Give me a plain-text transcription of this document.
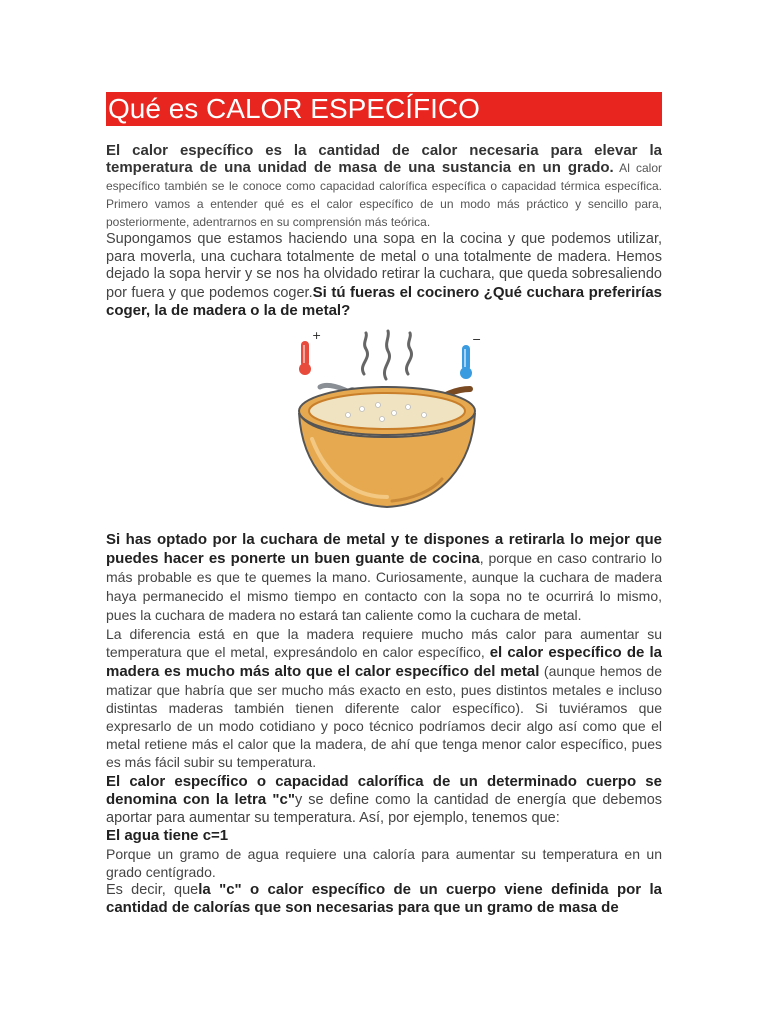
Qué es CALOR ESPECÍFICO

El calor específico es la cantidad de calor necesaria para elevar la temperatura de una unidad de masa de una sustancia en un grado. Al calor específico también se le conoce como capacidad calorífica específica o capacidad térmica específica. Primero vamos a entender qué es el calor específico de un modo más práctico y sencillo para, posteriormente, adentrarnos en su comprensión más teórica.

Supongamos que estamos haciendo una sopa en la cocina y que podemos utilizar, para moverla, una cuchara totalmente de metal o una totalmente de madera. Hemos dejado la sopa hervir y se nos ha olvidado retirar la cuchara, que queda sobresaliendo por fuera y que podemos coger.Si tú fueras el cocinero ¿Qué cuchara preferirías coger, la de madera o la de metal?

+	−

Si has optado por la cuchara de metal y te dispones a retirarla lo mejor que puedes hacer es ponerte un buen guante de cocina, porque en caso contrario lo más probable es que te quemes la mano. Curiosamente, aunque la cuchara de madera haya permanecido el mismo tiempo en contacto con la sopa no te ocurrirá lo mismo, pues la cuchara de madera no estará tan caliente como la cuchara de metal.

La diferencia está en que la madera requiere mucho más calor para aumentar su temperatura que el metal, expresándolo en calor específico, el calor específico de la madera es mucho más alto que el calor específico del metal (aunque hemos de matizar que habría que ser mucho más exacto en esto, pues distintos metales e incluso distintas maderas también tienen diferente calor específico). Si tuviéramos que expresarlo de un modo cotidiano y poco técnico podríamos decir algo así como que el metal retiene más el calor que la madera, de ahí que tenga menor calor específico, pues es más fácil subir su temperatura.

El calor específico o capacidad calorífica de un determinado cuerpo se denomina con la letra "c"y se define como la cantidad de energía que debemos aportar para aumentar su temperatura. Así, por ejemplo, tenemos que:

El agua tiene c=1

Porque un gramo de agua requiere una caloría para aumentar su temperatura en un grado centígrado.

Es decir, quela "c" o calor específico de un cuerpo viene definida por la cantidad de calorías que son necesarias para que un gramo de masa de
